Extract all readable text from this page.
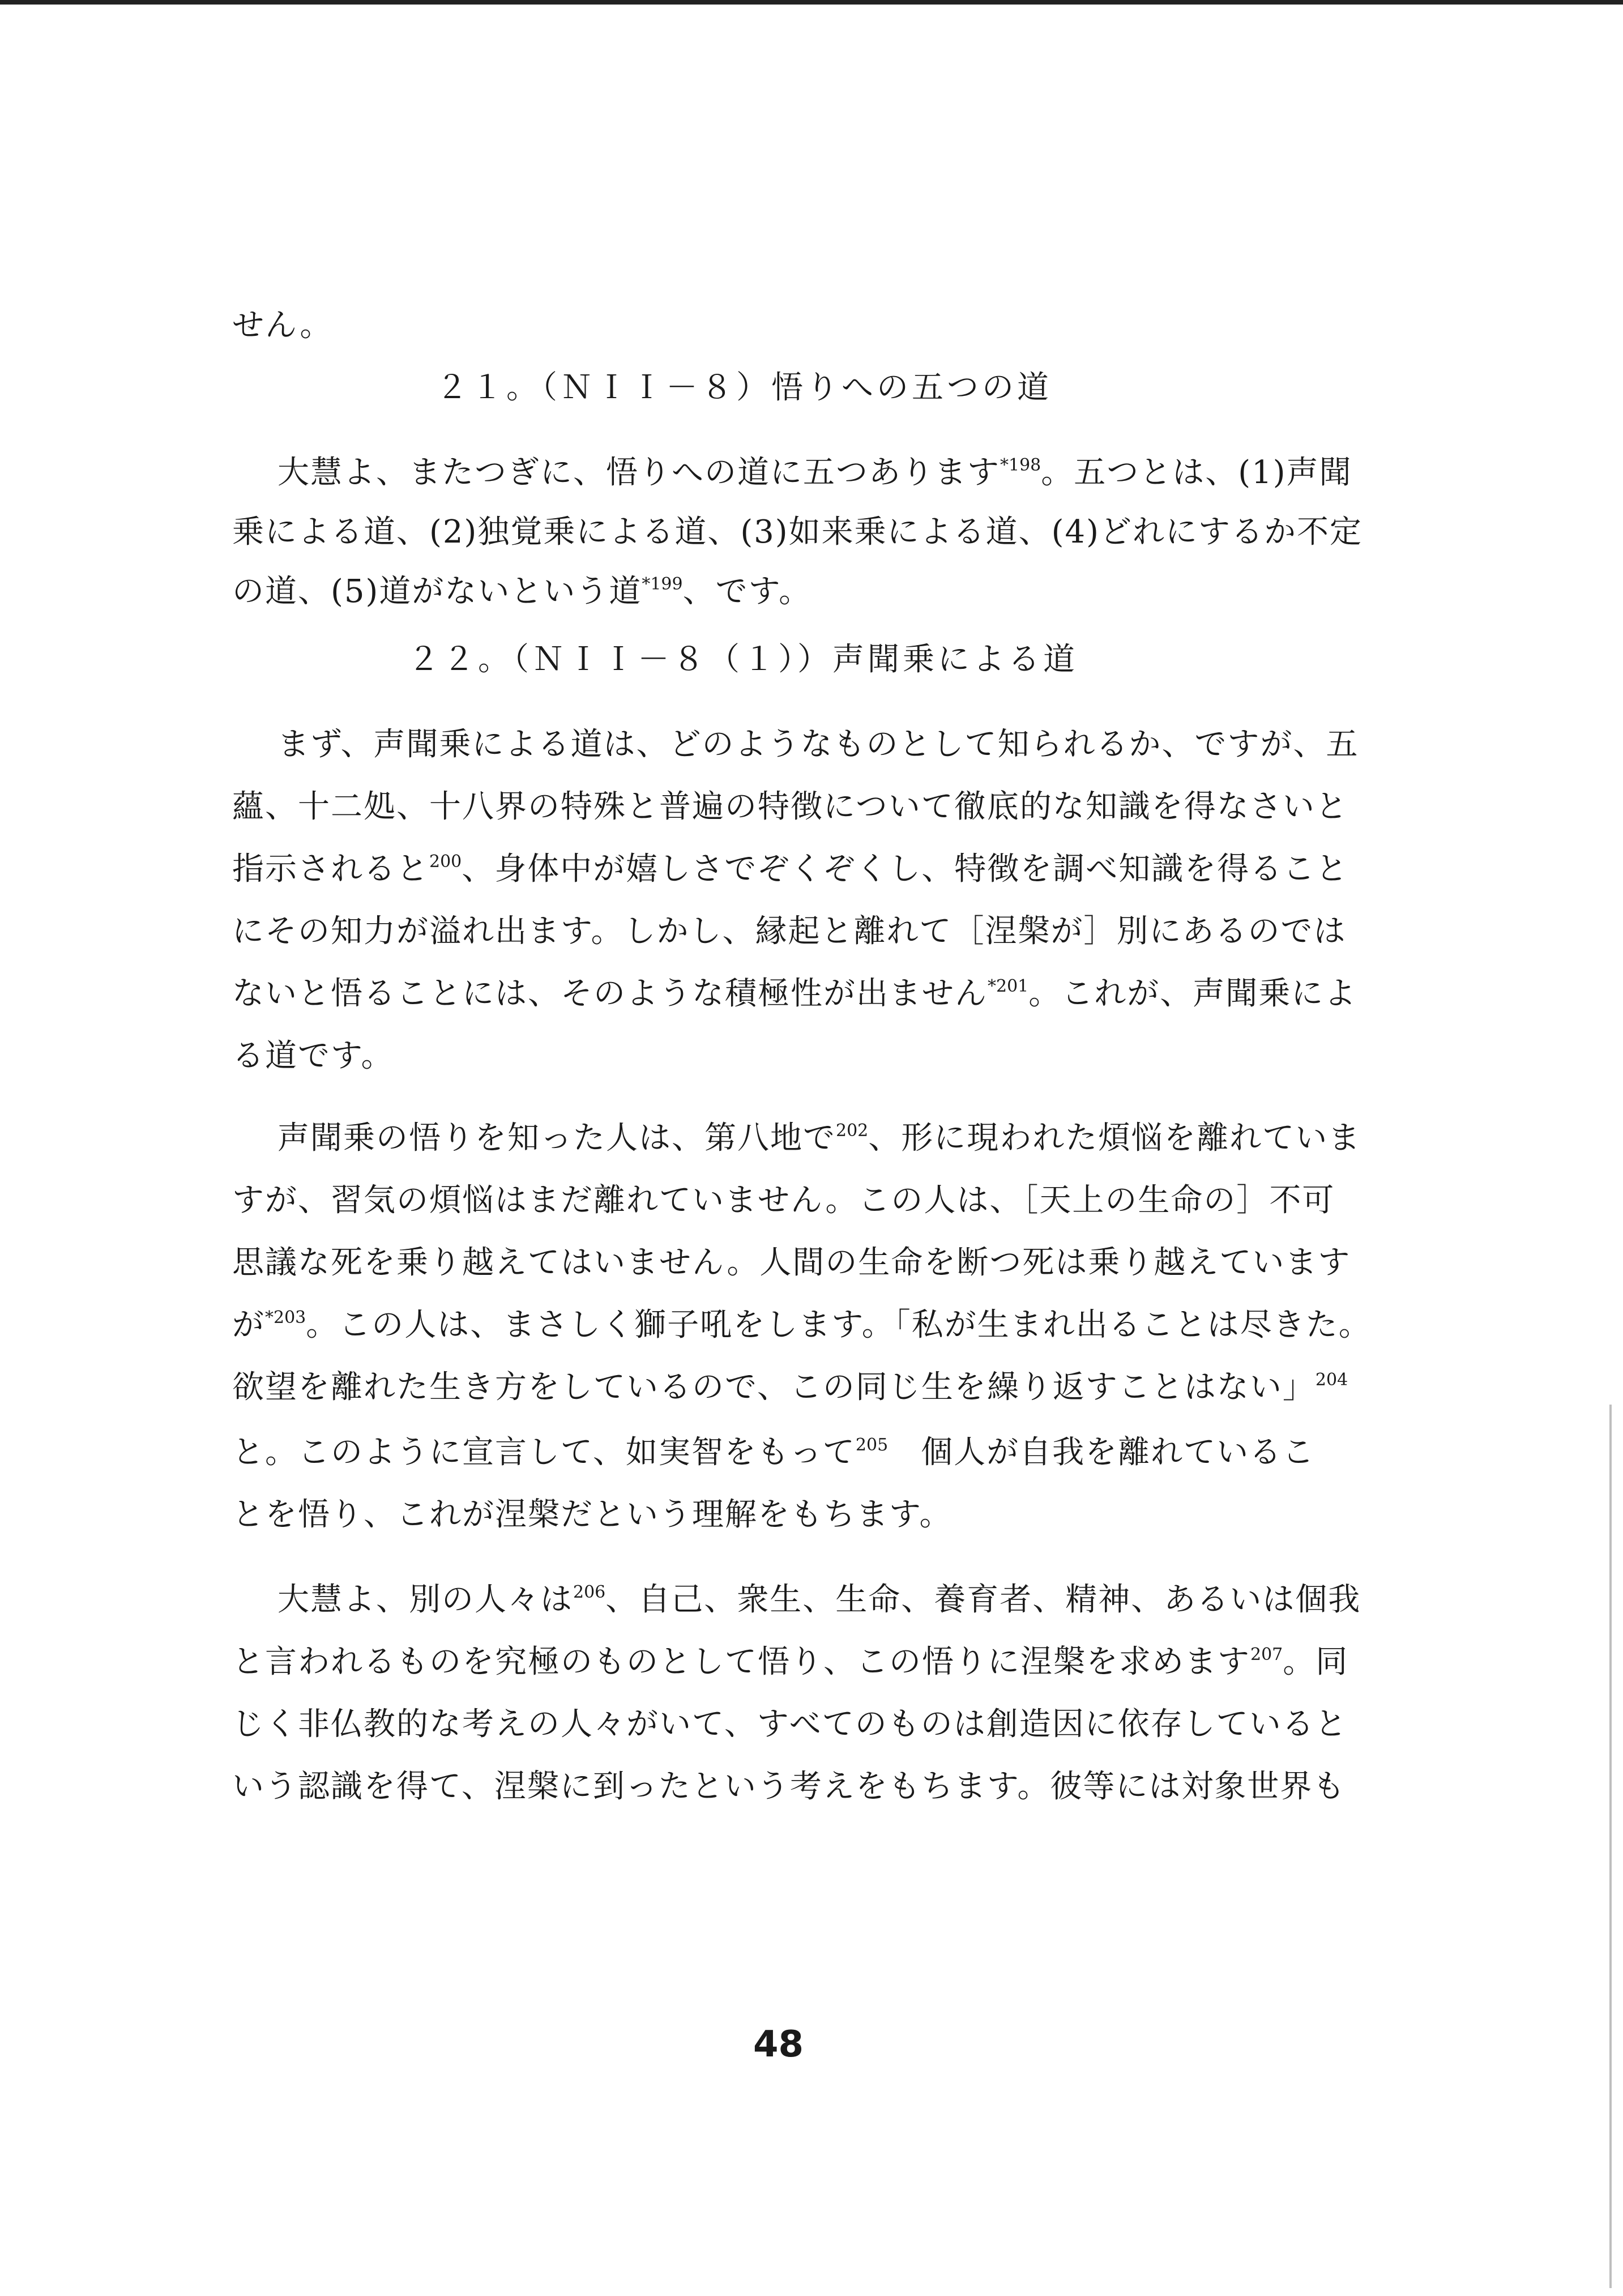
せん。
２１。（ＮＩＩ－８）悟りへの五つの道
大慧よ、またつぎに、悟りへの道に五つあります$^{*198}$。五つとは、(1)声聞
乗による道、(2)独覚乗による道、(3)如来乗による道、(4)どれにするか不定
の道、(5)道がないという道$^{*199}$、です。
２２。（ＮＩＩ－８（１））声聞乗による道
まず、声聞乗による道は、どのようなものとして知られるか、ですが、五
蘊、十二処、十八界の特殊と普遍の特徴について徹底的な知識を得なさいと
指示されると$^{200}$、身体中が嬉しさでぞくぞくし、特徴を調べ知識を得ること
にその知力が溢れ出ます。しかし、縁起と離れて［涅槃が］別にあるのでは
ないと悟ることには、そのような積極性が出ません$^{*201}$。これが、声聞乗によ
る道です。
声聞乗の悟りを知った人は、第八地で$^{202}$、形に現われた煩悩を離れていま
すが、習気の煩悩はまだ離れていません。この人は、［天上の生命の］不可
思議な死を乗り越えてはいません。人間の生命を断つ死は乗り越えています
が$^{*203}$。この人は、まさしく獅子吼をします。「私が生まれ出ることは尽きた。
欲望を離れた生き方をしているので、この同じ生を繰り返すことはない」$^{204}$
と。このように宣言して、如実智をもって$^{205}$　個人が自我を離れているこ
とを悟り、これが涅槃だという理解をもちます。
大慧よ、別の人々は$^{206}$、自己、衆生、生命、養育者、精神、あるいは個我
と言われるものを究極のものとして悟り、この悟りに涅槃を求めます$^{207}$。同
じく非仏教的な考えの人々がいて、すべてのものは創造因に依存していると
いう認識を得て、涅槃に到ったという考えをもちます。彼等には対象世界も
48
